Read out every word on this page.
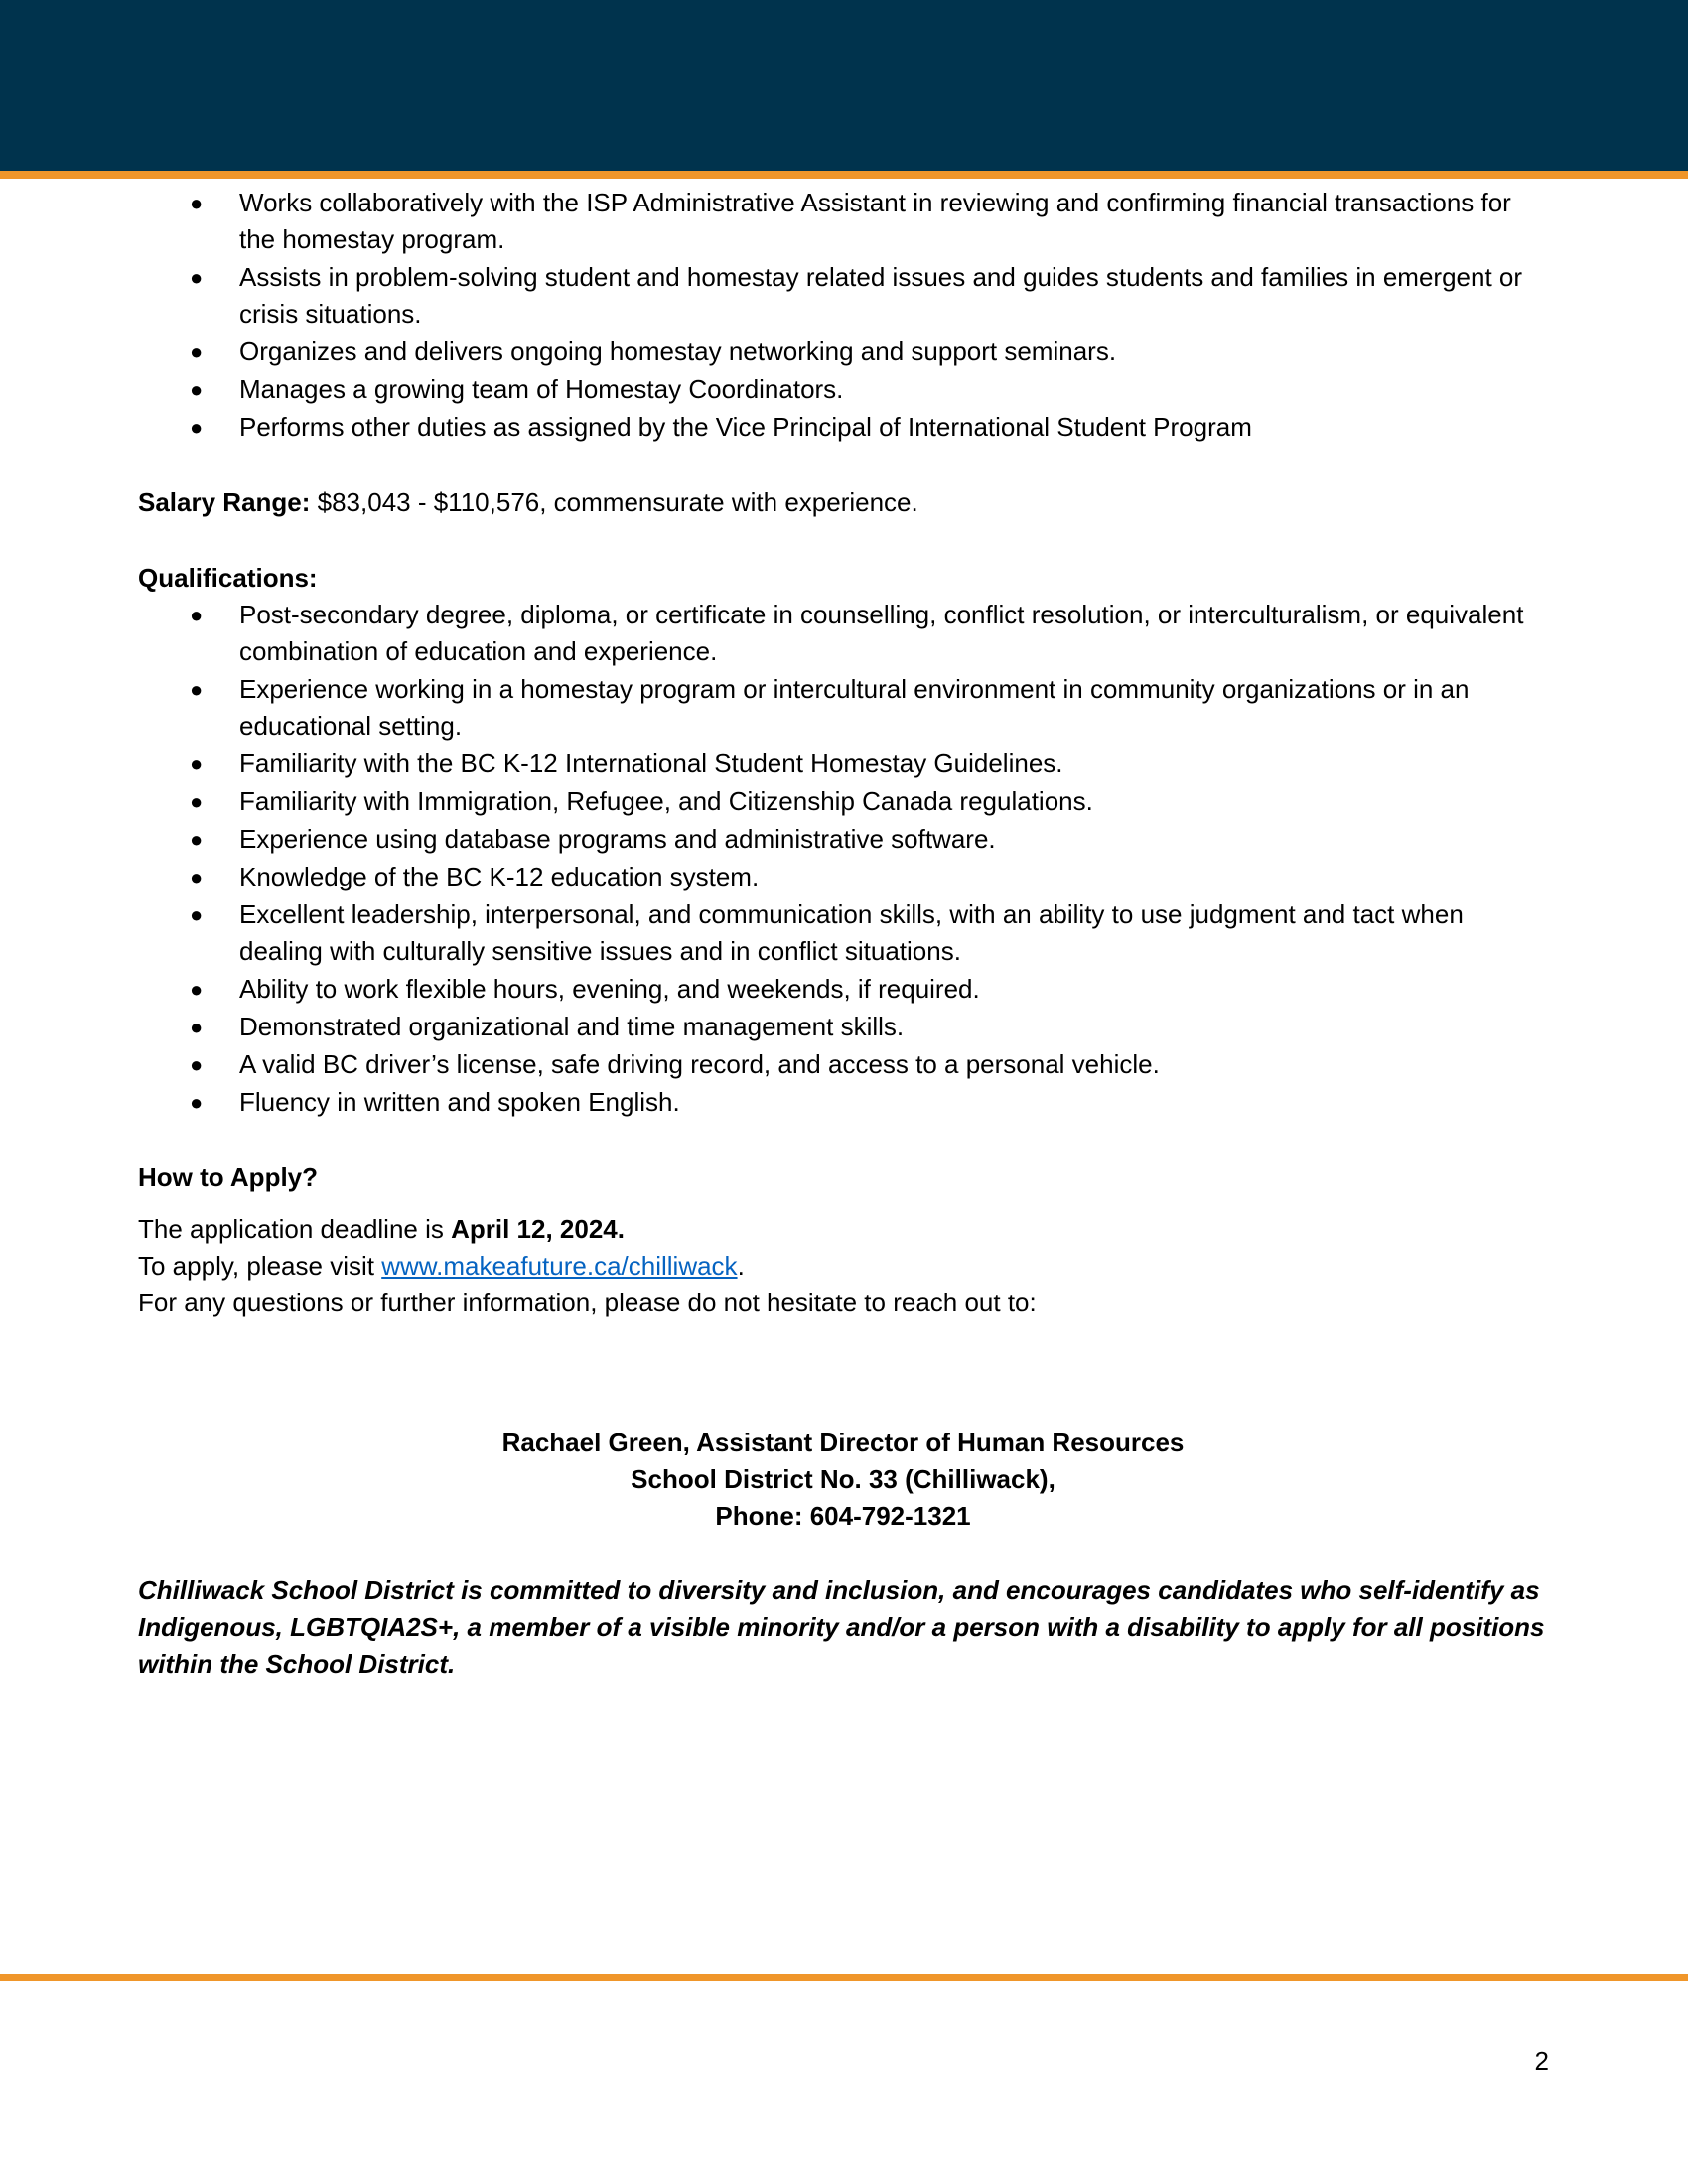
● Works collaboratively with the ISP Administrative Assistant in reviewing and confirming financial transactions for the homestay program.
● Assists in problem-solving student and homestay related issues and guides students and families in emergent or crisis situations.
● Organizes and delivers ongoing homestay networking and support seminars.
● Manages a growing team of Homestay Coordinators.
● Performs other duties as assigned by the Vice Principal of International Student Program

Salary Range: $83,043 - $110,576, commensurate with experience.

Qualifications:

● Post-secondary degree, diploma, or certificate in counselling, conflict resolution, or interculturalism, or equivalent combination of education and experience.
● Experience working in a homestay program or intercultural environment in community organizations or in an educational setting.
● Familiarity with the BC K-12 International Student Homestay Guidelines.
● Familiarity with Immigration, Refugee, and Citizenship Canada regulations.
● Experience using database programs and administrative software.
● Knowledge of the BC K-12 education system.
● Excellent leadership, interpersonal, and communication skills, with an ability to use judgment and tact when dealing with culturally sensitive issues and in conflict situations.
● Ability to work flexible hours, evening, and weekends, if required.
● Demonstrated organizational and time management skills.
● A valid BC driver’s license, safe driving record, and access to a personal vehicle.
● Fluency in written and spoken English.

How to Apply?

The application deadline is April 12, 2024.

To apply, please visit www.makeafuture.ca/chilliwack.

For any questions or further information, please do not hesitate to reach out to:

Rachael Green, Assistant Director of Human Resources
School District No. 33 (Chilliwack),
Phone: 604-792-1321

Chilliwack School District is committed to diversity and inclusion, and encourages candidates who self-identify as Indigenous, LGBTQIA2S+, a member of a visible minority and/or a person with a disability to apply for all positions within the School District.

2
